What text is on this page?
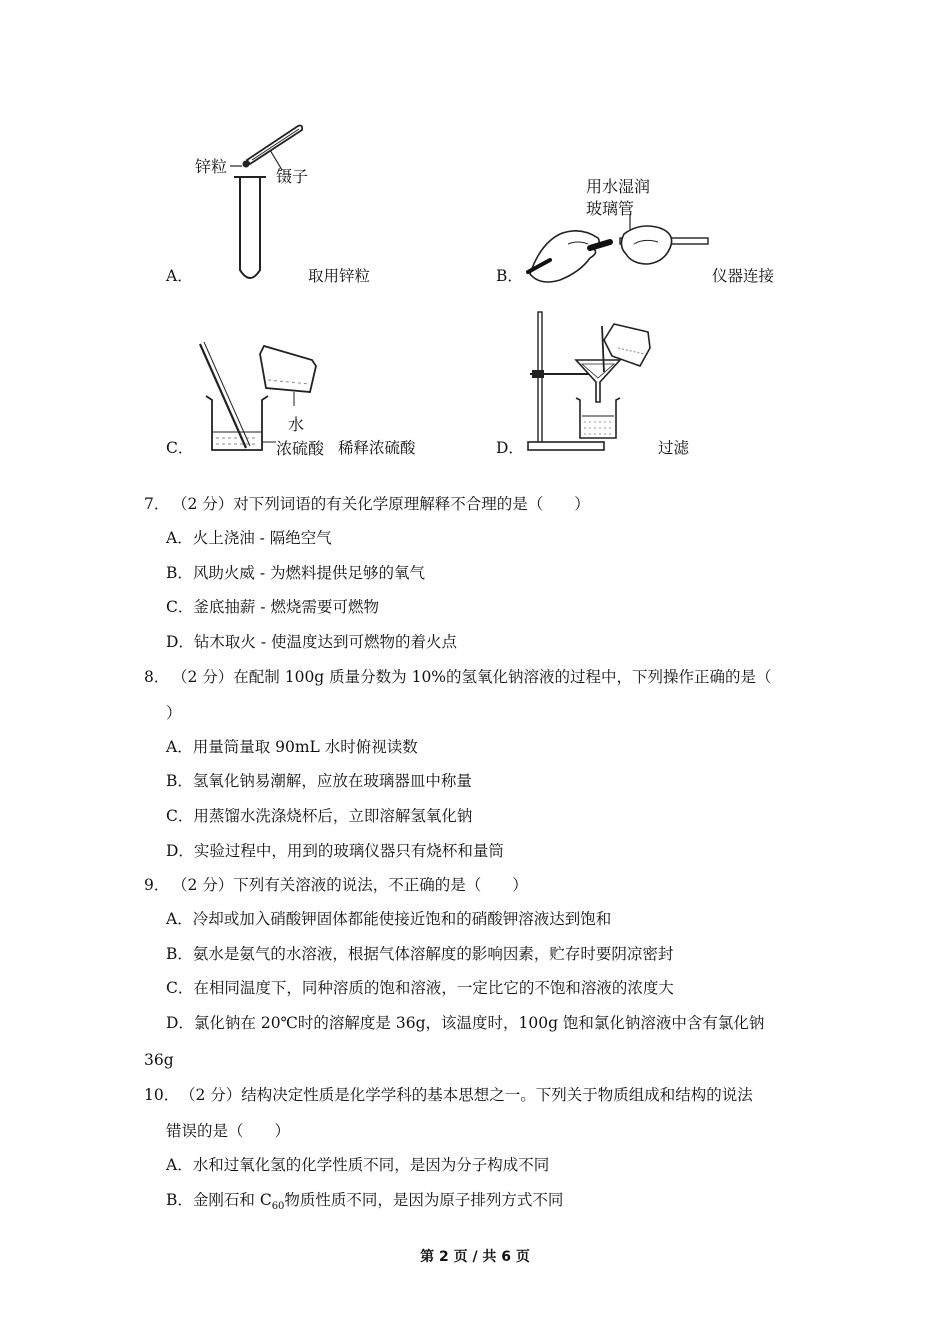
A．
锌粒
镊子
取用锌粒	B．
用水湿润
玻璃管
仪器连接
C．
水
浓硫酸 稀释浓硫酸	D．	过滤
7． （2 分）对下列词语的有关化学原理解释不合理的是（　　）
A．火上浇油 - 隔绝空气
B．风助火威 - 为燃料提供足够的氧气
C．釜底抽薪 - 燃烧需要可燃物
D．钻木取火 - 使温度达到可燃物的着火点
8． （2 分）在配制 100g 质量分数为 10%的氢氧化钠溶液的过程中，下列操作正确的是（
）
A．用量筒量取 90mL 水时俯视读数
B．氢氧化钠易潮解，应放在玻璃器皿中称量
C．用蒸馏水洗涤烧杯后，立即溶解氢氧化钠
D．实验过程中，用到的玻璃仪器只有烧杯和量筒
9． （2 分）下列有关溶液的说法，不正确的是（　　）
A．冷却或加入硝酸钾固体都能使接近饱和的硝酸钾溶液达到饱和
B．氨水是氨气的水溶液，根据气体溶解度的影响因素，贮存时要阴凉密封
C．在相同温度下，同种溶质的饱和溶液，一定比它的不饱和溶液的浓度大
D．氯化钠在 20℃时的溶解度是 36g，该温度时，100g 饱和氯化钠溶液中含有氯化钠
36g
10． （2 分）结构决定性质是化学学科的基本思想之一。下列关于物质组成和结构的说法
错误的是（　　）
A．水和过氧化氢的化学性质不同，是因为分子构成不同
B．金刚石和 $C_{60}$物质性质不同，是因为原子排列方式不同
第 2 页 / 共 6 页
